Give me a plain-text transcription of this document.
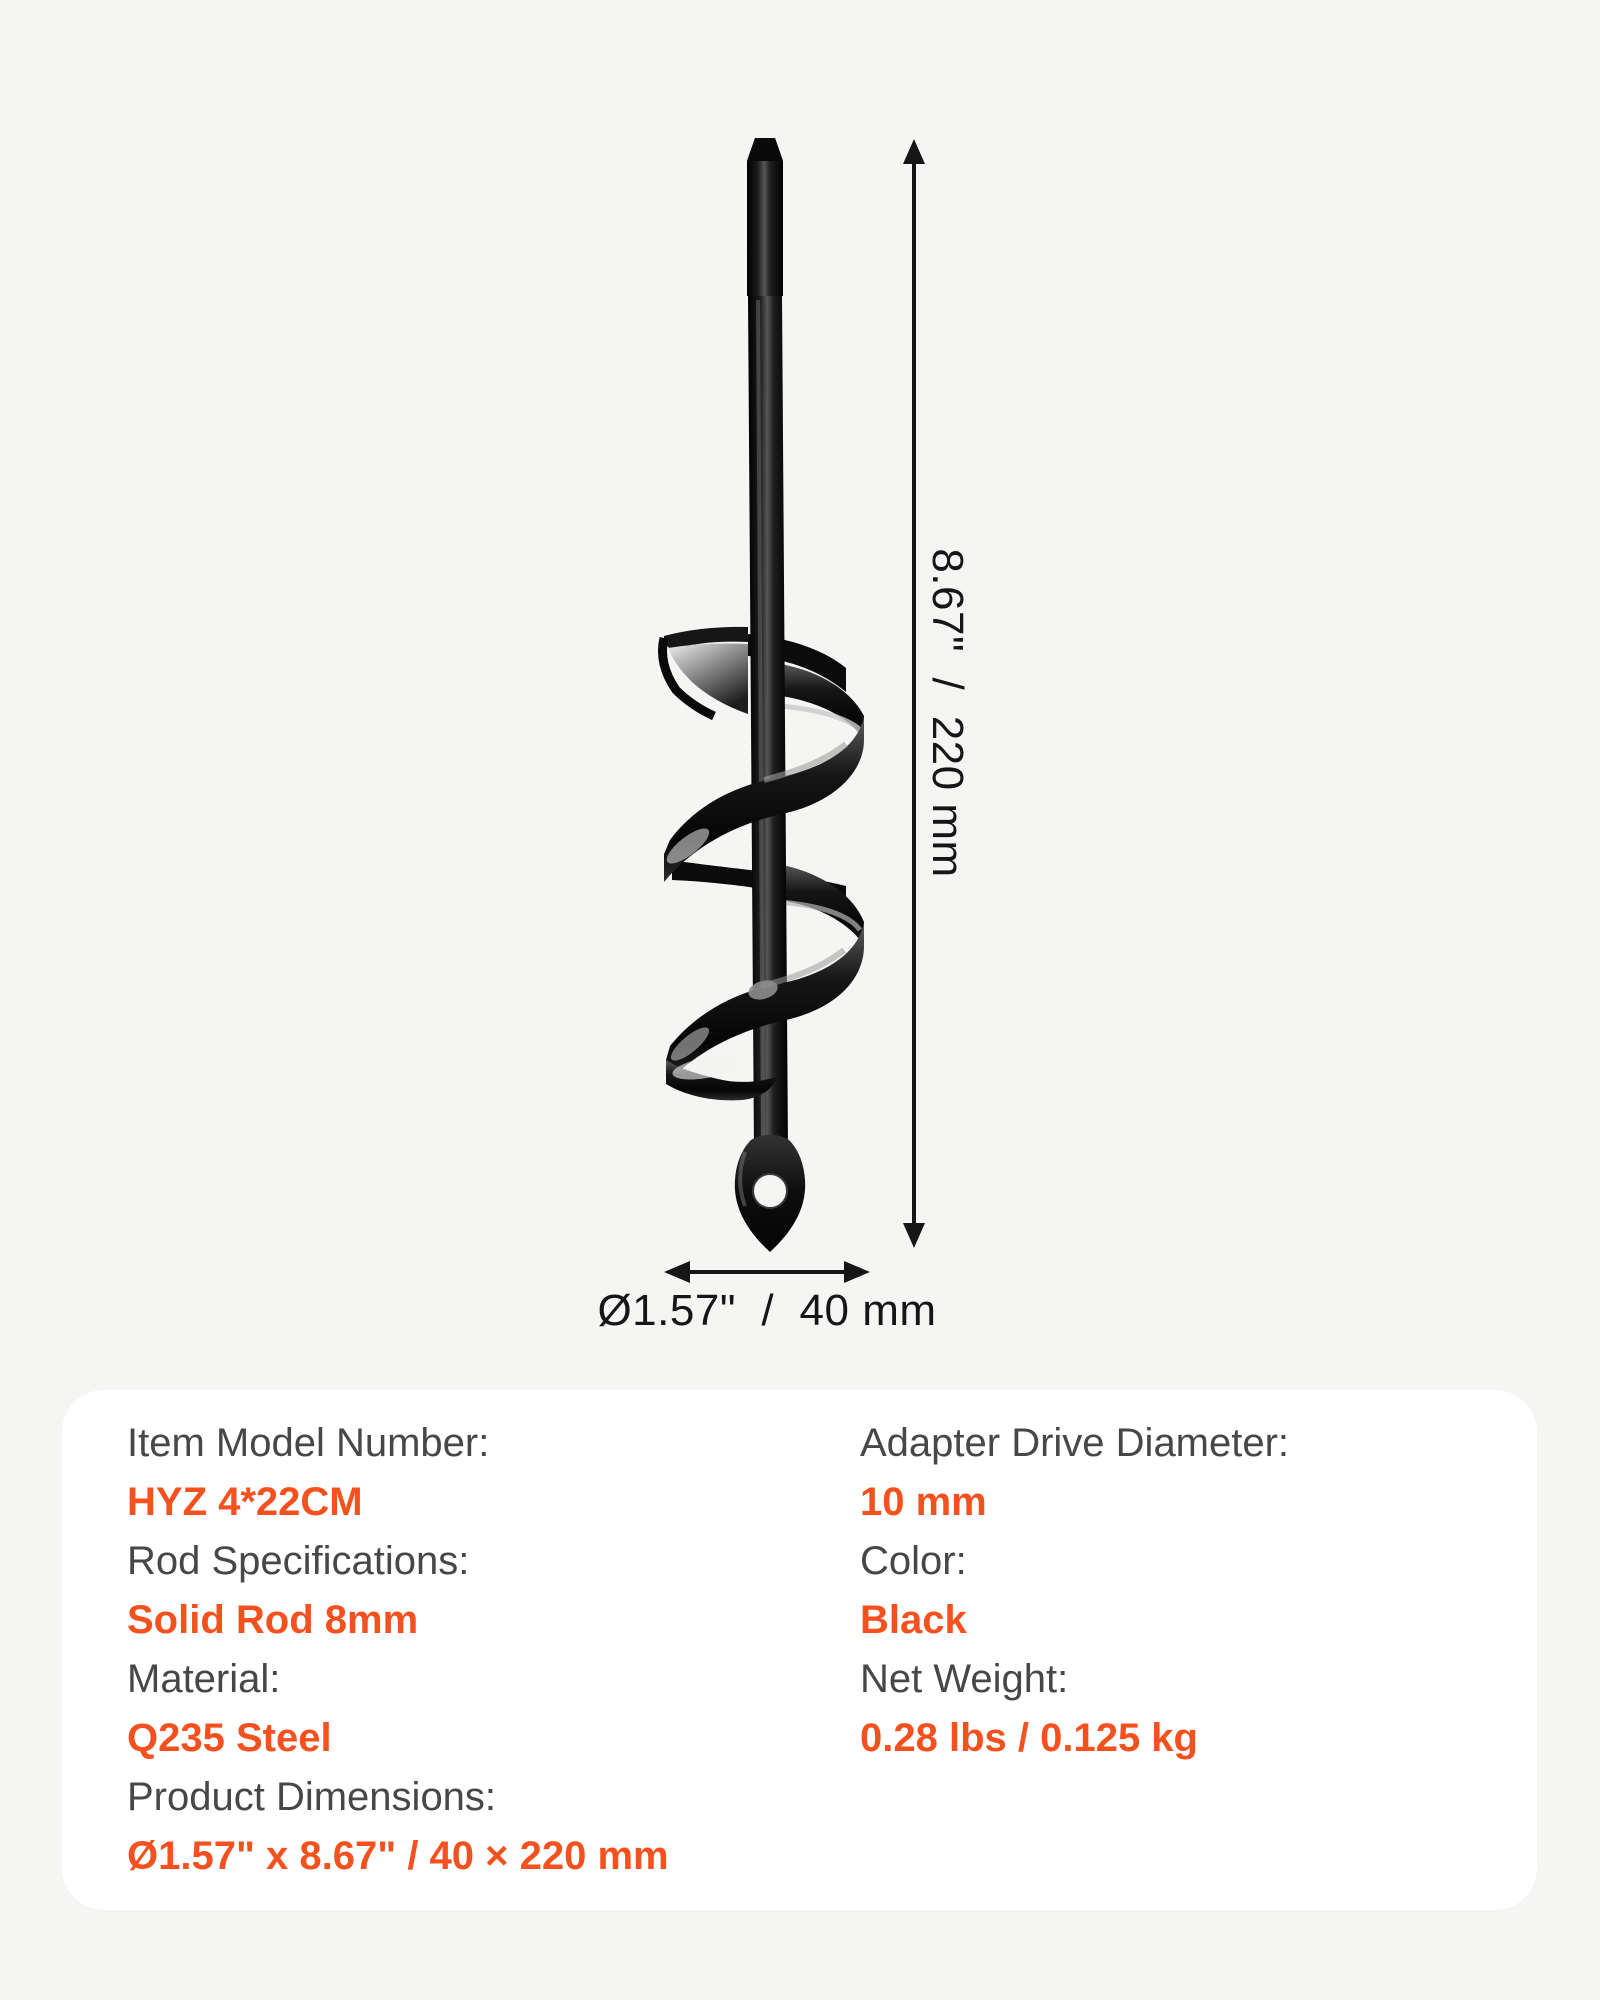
8.67"  /  220 mm
Ø1.57"  /  40 mm

Item Model Number:

HYZ 4*22CM

Rod Specifications:

Solid Rod 8mm

Material:

Q235 Steel

Product Dimensions:

Ø1.57" x 8.67" / 40 × 220 mm

Adapter Drive Diameter:

10 mm

Color:

Black

Net Weight:

0.28 lbs / 0.125 kg
